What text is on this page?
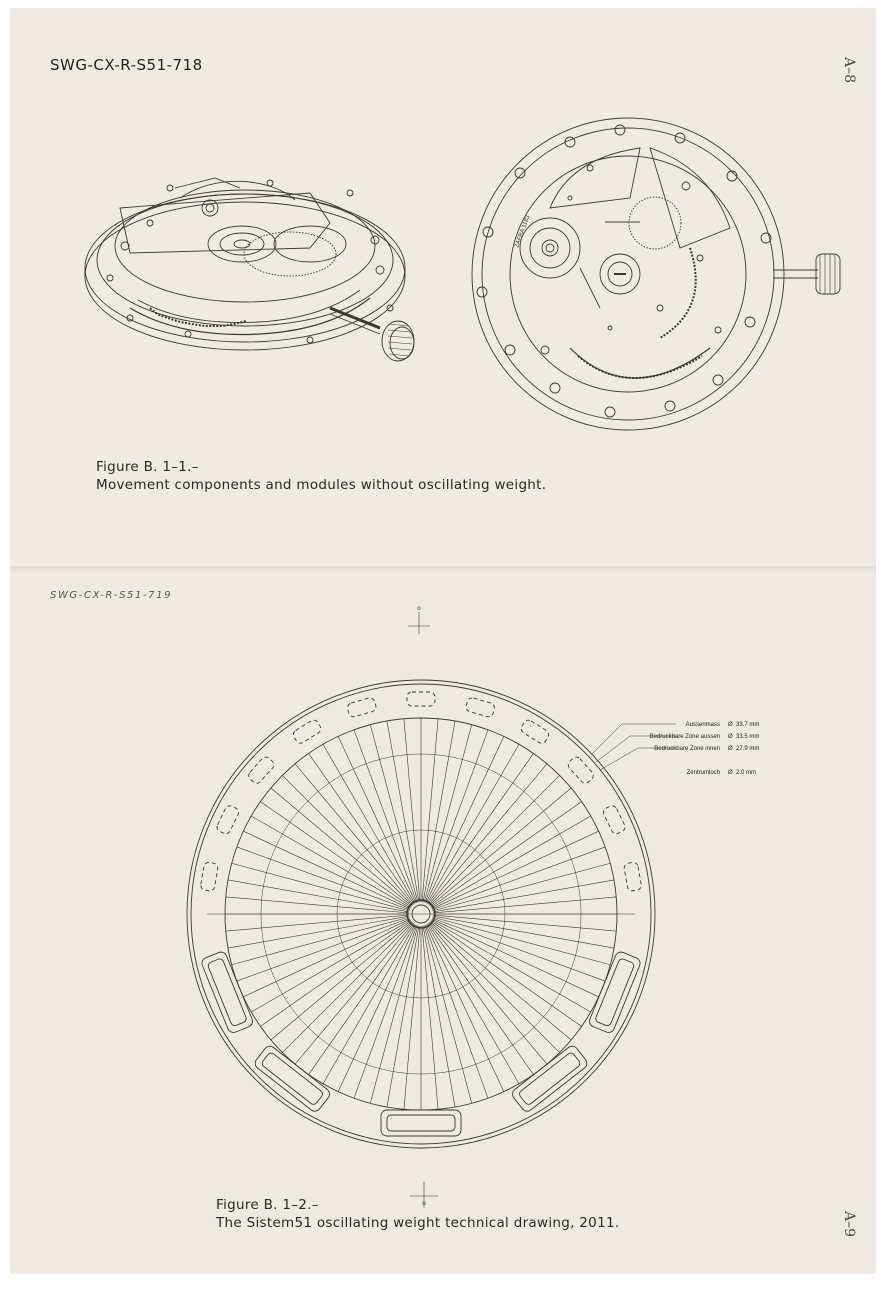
SWG-CX-R-S51-718	A–8
ZAFRA 1183
Figure B. 1–1.–
Movement components and modules without oscillating weight.
SWG-CX-R-S51-719
A–9
o
u
Aussenmass Ø 33.7 mm
Bedruckbare Zone aussen Ø 33.5 mm
Bedruckbare Zone innen Ø 27.9 mm
Zentrumloch Ø 2.0 mm
Figure B. 1–2.–
The Sistem51 oscillating weight technical drawing, 2011.
